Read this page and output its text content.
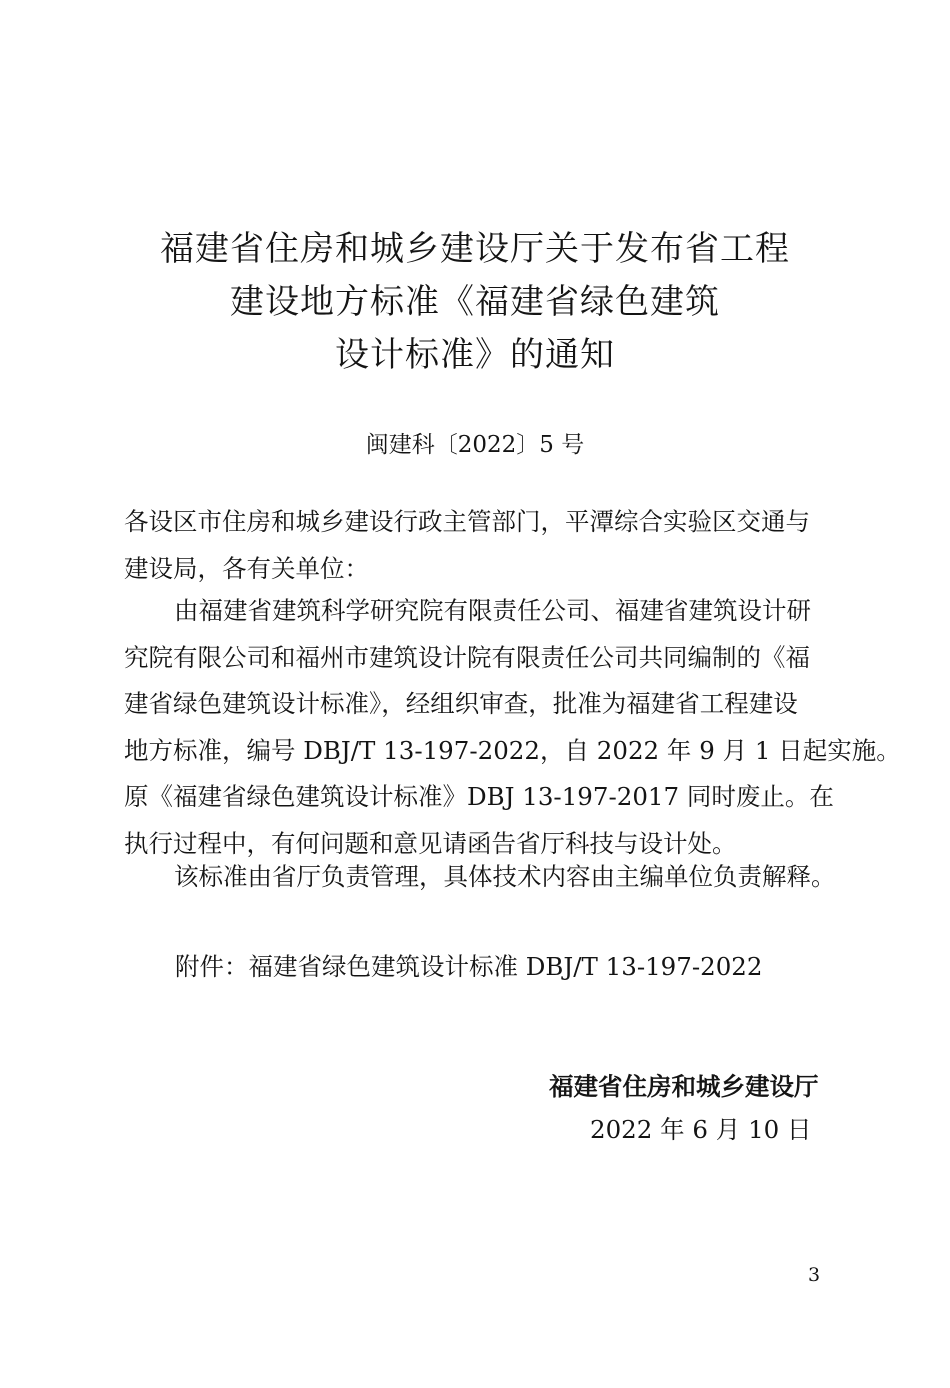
福建省住房和城乡建设厅关于发布省工程
建设地方标准《福建省绿色建筑
设计标准》的通知
闽建科〔2022〕5 号
各设区市住房和城乡建设行政主管部门，平潭综合实验区交通与
建设局，各有关单位：
由福建省建筑科学研究院有限责任公司、福建省建筑设计研
究院有限公司和福州市建筑设计院有限责任公司共同编制的《福
建省绿色建筑设计标准》，经组织审查，批准为福建省工程建设
地方标准，编号 DBJ/T 13-197-2022，自 2022 年 9 月 1 日起实施。
原《福建省绿色建筑设计标准》DBJ 13-197-2017 同时废止。在
执行过程中，有何问题和意见请函告省厅科技与设计处。
该标准由省厅负责管理，具体技术内容由主编单位负责解释。
附件：福建省绿色建筑设计标准 DBJ/T 13-197-2022
福建省住房和城乡建设厅
2022 年 6 月 10 日
3
